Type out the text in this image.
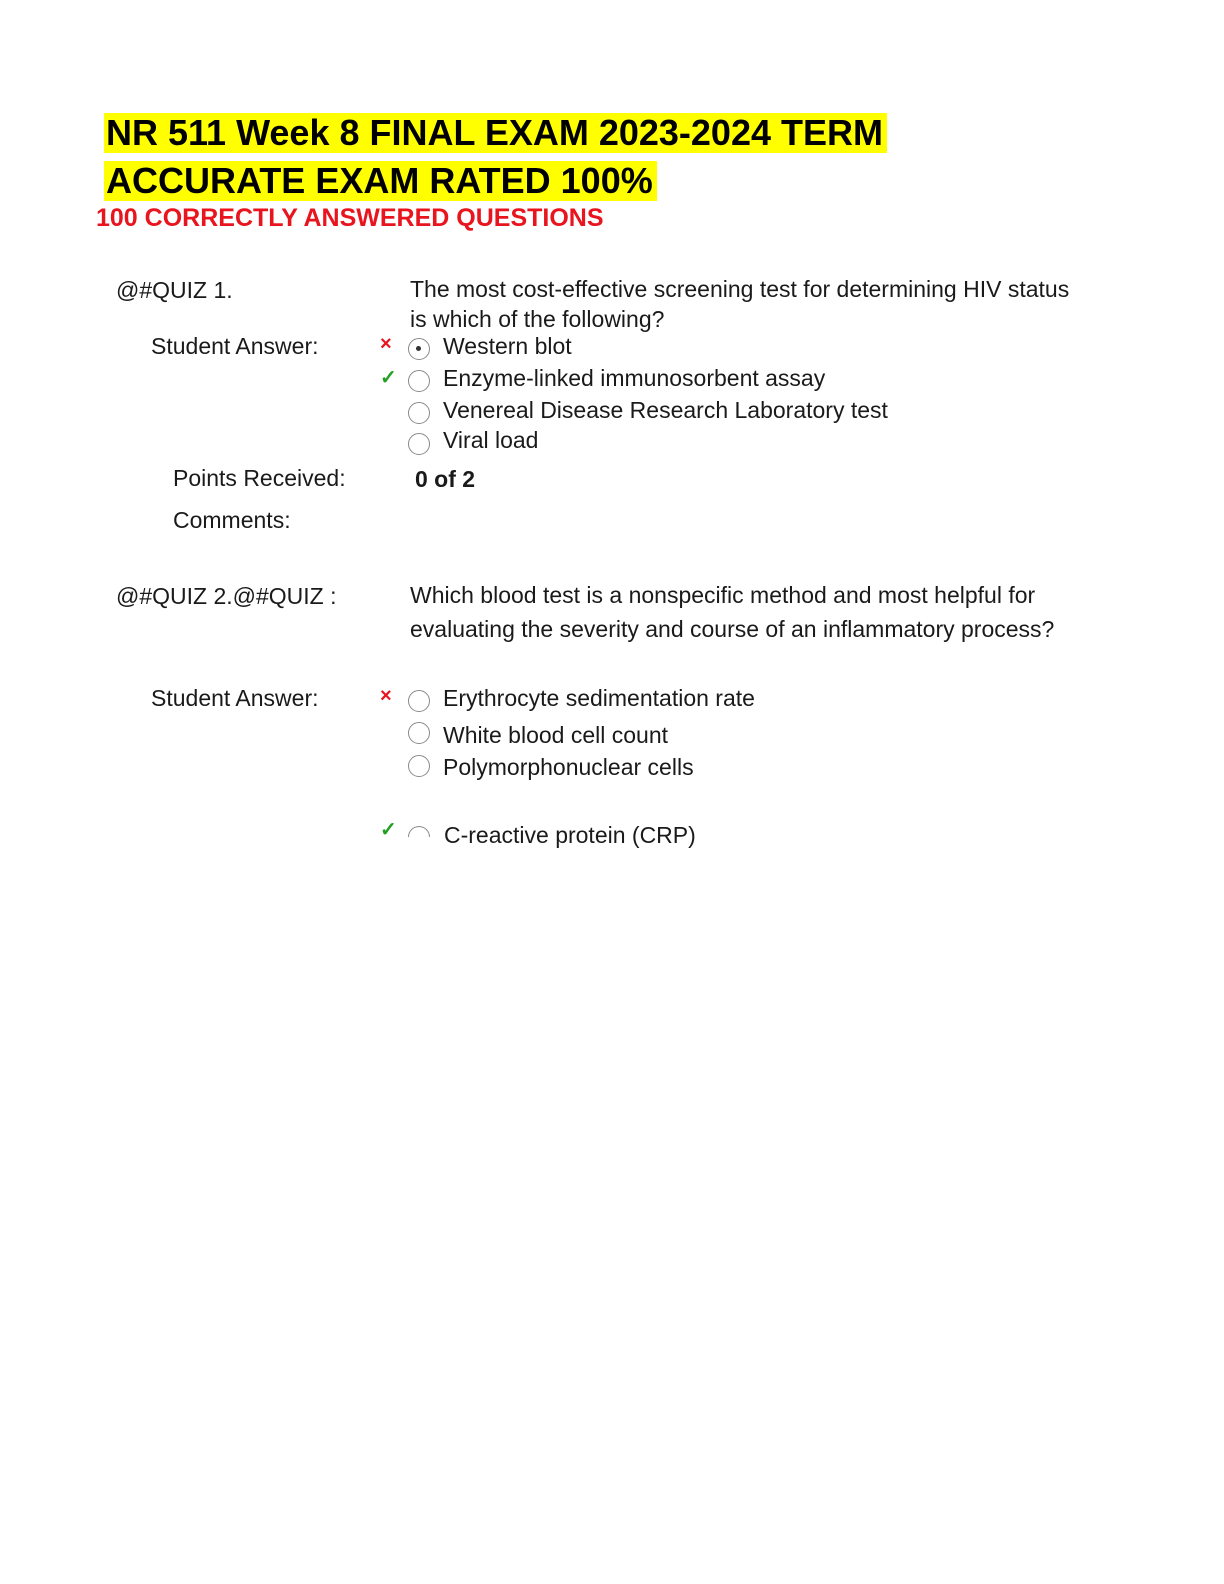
NR 511 Week 8 FINAL EXAM 2023-2024 TERM
ACCURATE EXAM RATED 100%
100 CORRECTLY ANSWERED QUESTIONS
@#QUIZ 1.	The most cost-effective screening test for determining HIV status is which of the following?
Student Answer:	× Western blot
✓ Enzyme-linked immunosorbent assay
Venereal Disease Research Laboratory test
Viral load
Points Received:	0 of 2
Comments:
@#QUIZ 2.@#QUIZ :	Which blood test is a nonspecific method and most helpful for evaluating the severity and course of an inflammatory process?
Student Answer:	× Erythrocyte sedimentation rate
White blood cell count
Polymorphonuclear cells
✓ C-reactive protein (CRP)
